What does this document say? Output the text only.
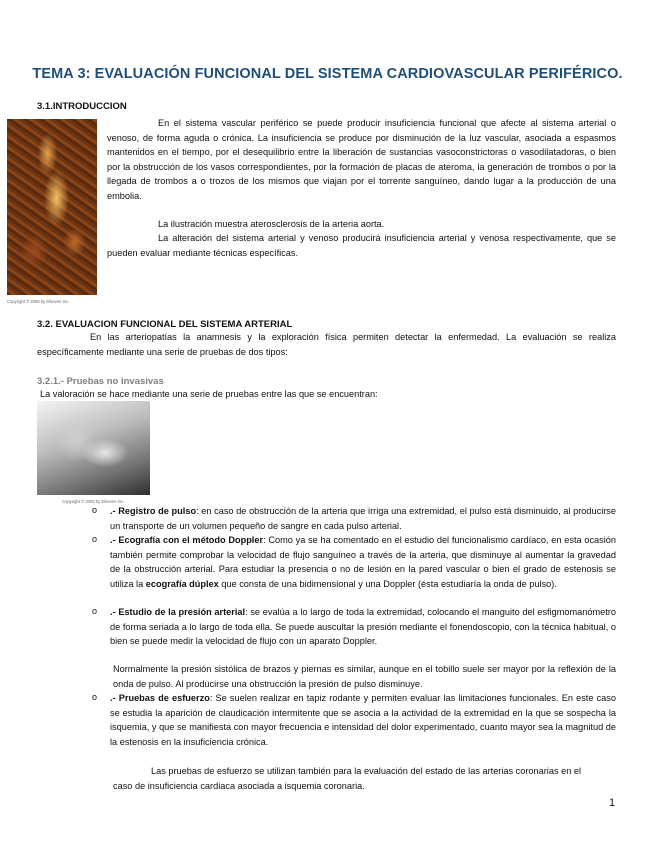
TEMA 3: EVALUACIÓN FUNCIONAL DEL SISTEMA CARDIOVASCULAR PERIFÉRICO.
3.1.INTRODUCCION
Copyright © 2005 by Elsevier Inc.
En el sistema vascular periférico se puede producir insuficiencia funcional que afecte al sistema arterial o venoso, de forma aguda o crónica. La insuficiencia se produce por disminución de la luz vascular, asociada a espasmos mantenidos en el tiempo, por el desequilibrio entre la liberación de sustancias vasoconstrictoras o vasodilatadoras, o bien por la obstrucción de los vasos correspondientes, por la formación de placas de ateroma, la generación de trombos o por la llegada de trombos a o trozos de los mismos que viajan por el torrente sanguíneo, dando lugar a la producción de una embolia.
La ilustración muestra aterosclerosis de la arteria aorta.
La alteración del sistema arterial y venoso producirá insuficiencia arterial y venosa respectivamente, que se pueden evaluar mediante técnicas específicas.
3.2. EVALUACION FUNCIONAL DEL SISTEMA ARTERIAL
En las arteriopatías la anamnesis y la exploración física permiten detectar la enfermedad. La evaluación se realiza específicamente mediante una serie de pruebas de dos tipos:
3.2.1.- Pruebas no invasivas
La valoración se hace mediante una serie de pruebas entre las que se encuentran:
Copyright © 2005 by Elsevier Inc.
o	.- Registro de pulso: en caso de obstrucción de la arteria que irriga una extremidad, el pulso está disminuido, al producirse un transporte de un volumen pequeño de sangre en cada pulso arterial.
o	.- Ecografía con el método Doppler: Como ya se ha comentado en el estudio del funcionalismo cardíaco, en esta ocasión también permite comprobar la velocidad de flujo sanguíneo a través de la arteria, que disminuye al aumentar la gravedad de la obstrucción arterial. Para estudiar la presencia o no de lesión en la pared vascular o bien el grado de estenosis se utiliza la ecografía dúplex que consta de una bidimensional y una Doppler (ésta estudiaría la onda de pulso).
o	.- Estudio de la presión arterial: se evalúa a lo largo de toda la extremidad, colocando el manguito del esfigmomanómetro de forma seriada a lo largo de toda ella. Se puede auscultar la presión mediante el fonendoscopio, con la técnica habitual, o bien se puede medir la velocidad de flujo con un aparato Doppler.
Normalmente la presión sistólica de brazos y piernas es similar, aunque en el tobillo suele ser mayor por la reflexión de la onda de pulso. Al producirse una obstrucción la presión de pulso disminuye.
o	.- Pruebas de esfuerzo: Se suelen realizar en tapiz rodante y permiten evaluar las limitaciones funcionales. En este caso se estudia la aparición de claudicación intermitente que se asocia a la actividad de la extremidad en la que se sospecha la isquemia, y que se manifiesta con mayor frecuencia e intensidad del dolor experimentado, cuanto mayor sea la magnitud de la estenosis en la insuficiencia crónica.
Las pruebas de esfuerzo se utilizan también para la evaluación del estado de las arterias coronarias en el caso de insuficiencia cardiaca asociada a isquemia coronaria.
1
